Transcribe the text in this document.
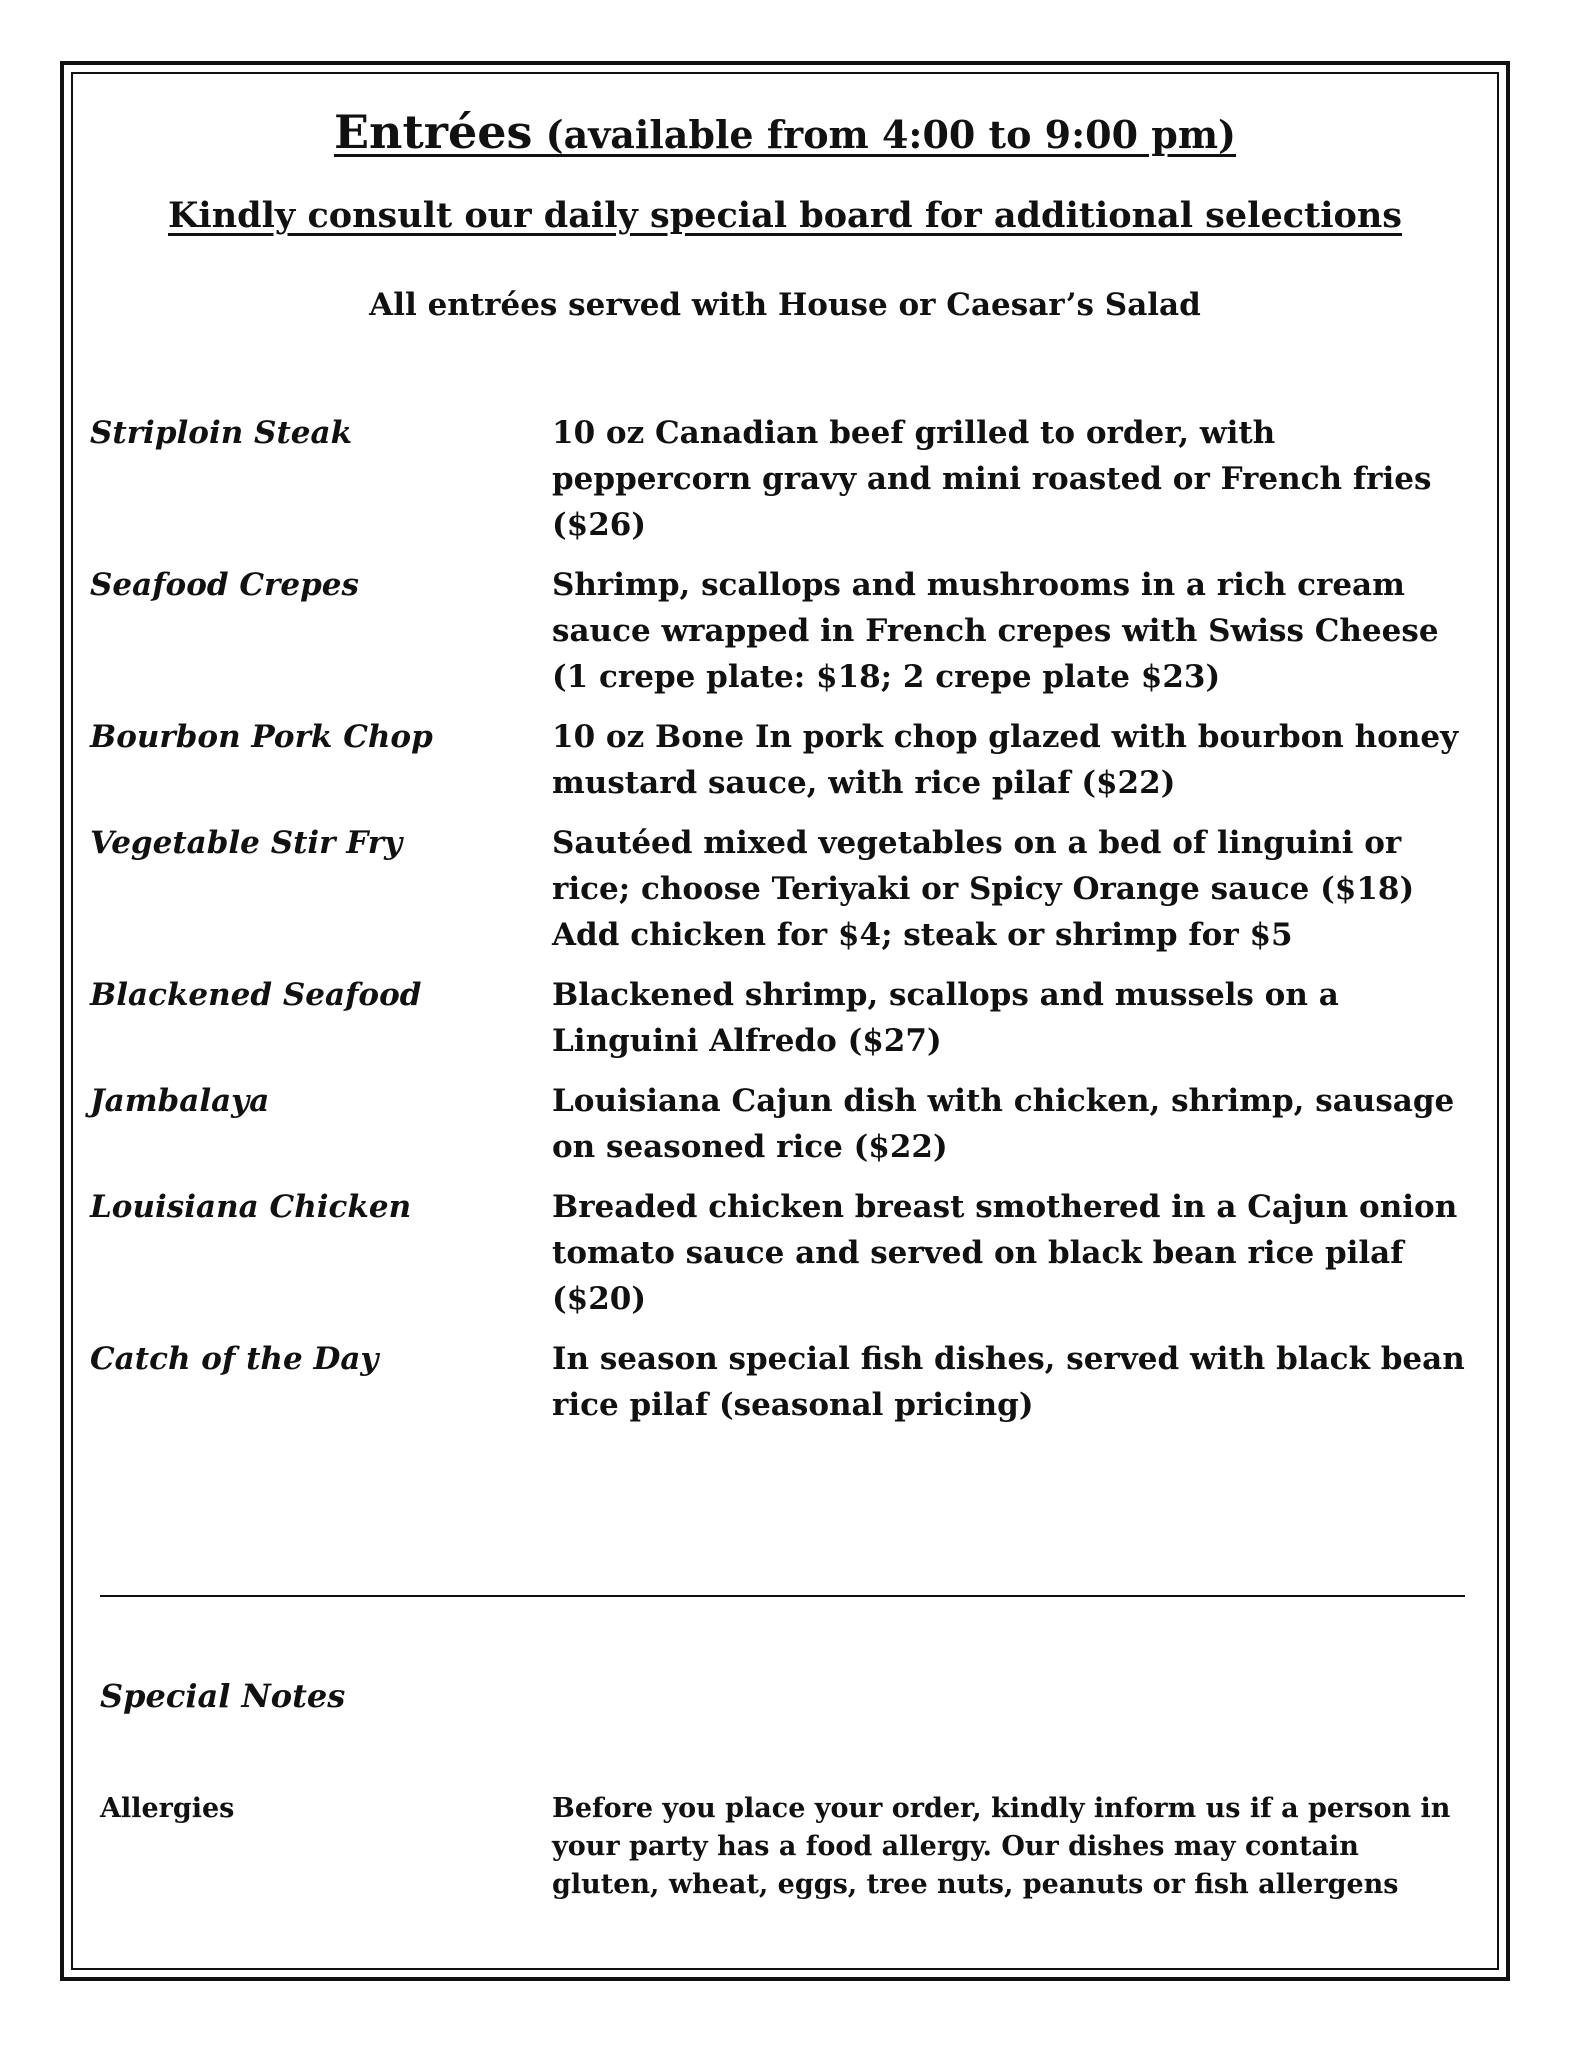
Entrées (available from 4:00 to 9:00 pm)
Kindly consult our daily special board for additional selections
All entrées served with House or Caesar’s Salad
Striploin Steak	10 oz Canadian beef grilled to order, with peppercorn gravy and mini roasted or French fries ($26)
Seafood Crepes	Shrimp, scallops and mushrooms in a rich cream sauce wrapped in French crepes with Swiss Cheese (1 crepe plate: $18; 2 crepe plate $23)
Bourbon Pork Chop	10 oz Bone In pork chop glazed with bourbon honey mustard sauce, with rice pilaf ($22)
Vegetable Stir Fry	Sautéed mixed vegetables on a bed of linguini or rice; choose Teriyaki or Spicy Orange sauce ($18) Add chicken for $4; steak or shrimp for $5
Blackened Seafood	Blackened shrimp, scallops and mussels on a Linguini Alfredo ($27)
Jambalaya	Louisiana Cajun dish with chicken, shrimp, sausage on seasoned rice ($22)
Louisiana Chicken	Breaded chicken breast smothered in a Cajun onion tomato sauce and served on black bean rice pilaf ($20)
Catch of the Day	In season special fish dishes, served with black bean rice pilaf (seasonal pricing)
Special Notes
Allergies	Before you place your order, kindly inform us if a person in your party has a food allergy. Our dishes may contain gluten, wheat, eggs, tree nuts, peanuts or fish allergens
